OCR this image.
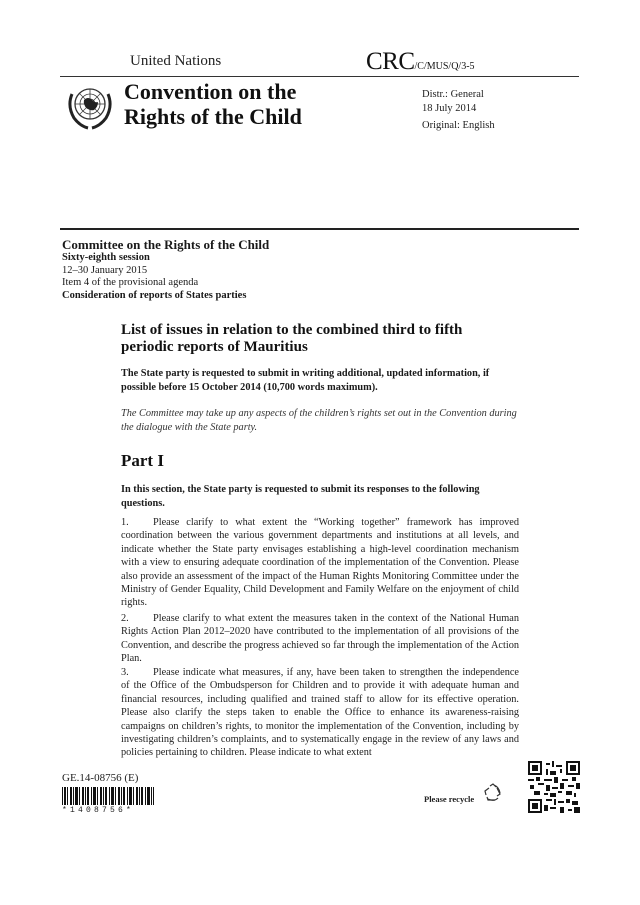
United Nations	CRC/C/MUS/Q/3-5
Convention on the
Rights of the Child
Distr.: General
18 July 2014
Original: English
Committee on the Rights of the Child
Sixty-eighth session
12–30 January 2015
Item 4 of the provisional agenda
Consideration of reports of States parties
List of issues in relation to the combined third to fifth
periodic reports of Mauritius
The State party is requested to submit in writing additional, updated information, if possible before 15 October 2014 (10,700 words maximum).
The Committee may take up any aspects of the children’s rights set out in the Convention during the dialogue with the State party.
Part I
In this section, the State party is requested to submit its responses to the following questions.
1. Please clarify to what extent the “Working together” framework has improved coordination between the various government departments and institutions at all levels, and indicate whether the State party envisages establishing a high-level coordination mechanism with a view to ensuring adequate coordination of the implementation of the Convention. Please also provide an assessment of the impact of the Human Rights Monitoring Committee under the Ministry of Gender Equality, Child Development and Family Welfare on the enjoyment of child rights.
2. Please clarify to what extent the measures taken in the context of the National Human Rights Action Plan 2012–2020 have contributed to the implementation of all provisions of the Convention, and describe the progress achieved so far through the implementation of the Action Plan.
3. Please indicate what measures, if any, have been taken to strengthen the independence of the Office of the Ombudsperson for Children and to provide it with adequate human and financial resources, including qualified and trained staff to allow for its effective operation. Please also clarify the steps taken to enable the Office to enhance its awareness-raising campaigns on children’s rights, to monitor the implementation of the Convention, including by investigating children’s complaints, and to systematically engage in the review of any laws and policies pertaining to children. Please indicate to what extent
GE.14-08756 (E)
*1408756*
Please recycle
